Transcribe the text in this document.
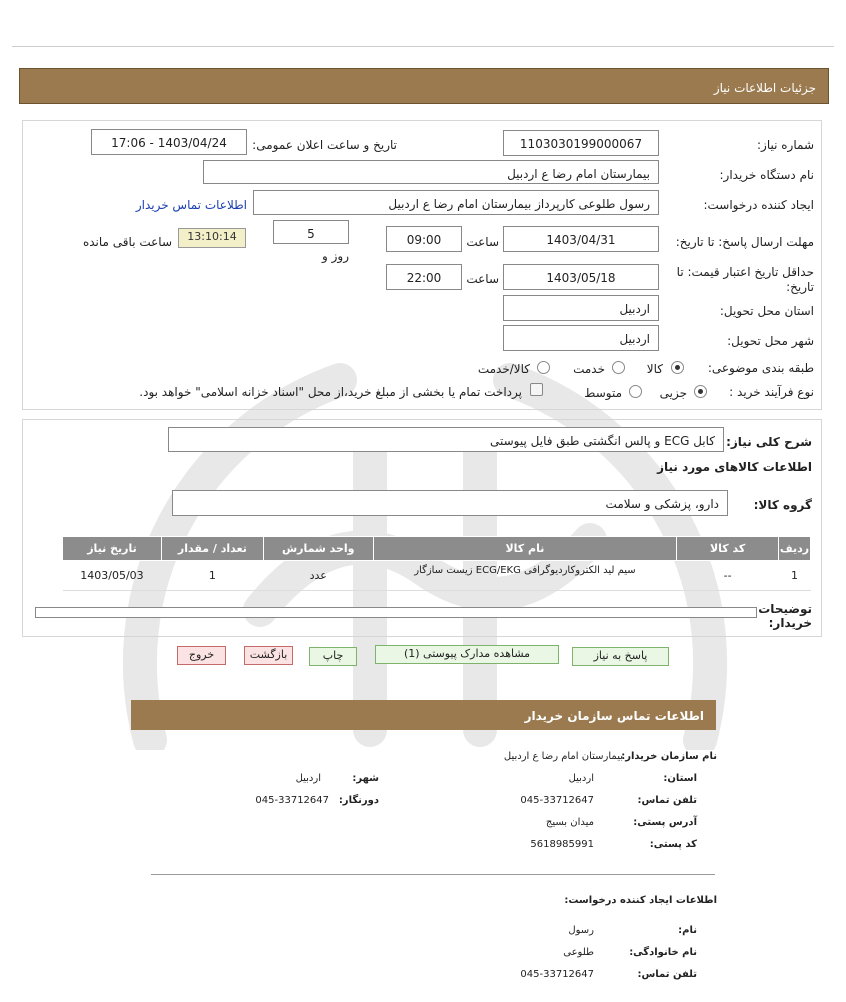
جزئیات اطلاعات نیاز
شماره نیاز:
1103030199000067
تاریخ و ساعت اعلان عمومی:
1403/04/24 - 17:06
نام دستگاه خریدار:
بیمارستان امام رضا ع اردبیل
ایجاد کننده درخواست:
رسول طلوعی کارپرداز بیمارستان امام رضا ع اردبیل
اطلاعات تماس خریدار
مهلت ارسال پاسخ: تا تاریخ:
1403/04/31
ساعت
09:00
5
روز و
13:10:14
ساعت باقی مانده
حداقل تاریخ اعتبار قیمت: تا تاریخ:
1403/05/18
ساعت
22:00
استان محل تحویل:
اردبیل
شهر محل تحویل:
اردبیل
طبقه بندی موضوعی:
کالا
خدمت
کالا/خدمت
نوع فرآیند خرید :
جزیی
متوسط
پرداخت تمام یا بخشی از مبلغ خرید،از محل "اسناد خزانه اسلامی" خواهد بود.
شرح کلی نیاز:
کابل ECG و پالس انگشتی طبق فایل پیوستی
اطلاعات کالاهای مورد نیاز
گروه کالا:
دارو، پزشکی و سلامت
ردیف	کد کالا	نام کالا	واحد شمارش	تعداد / مقدار	تاریخ نیاز
1	--	سیم لید الکتروکاردیوگرافی ECG/EKG زیست سازگار	عدد	1	1403/05/03
توضیحات خریدار:
پاسخ به نیاز
مشاهده مدارک پیوستی (1)
چاپ
بازگشت
خروج
اطلاعات تماس سازمان خریدار
نام سازمان خریدار:
بیمارستان امام رضا ع اردبیل
استان:
اردبیل
شهر:
اردبیل
تلفن تماس:
045-33712647
دورنگار:
045-33712647
آدرس پستی:
میدان بسیج
کد پستی:
5618985991
اطلاعات ایجاد کننده درخواست:
نام:
رسول
نام خانوادگی:
طلوعی
تلفن تماس:
045-33712647
